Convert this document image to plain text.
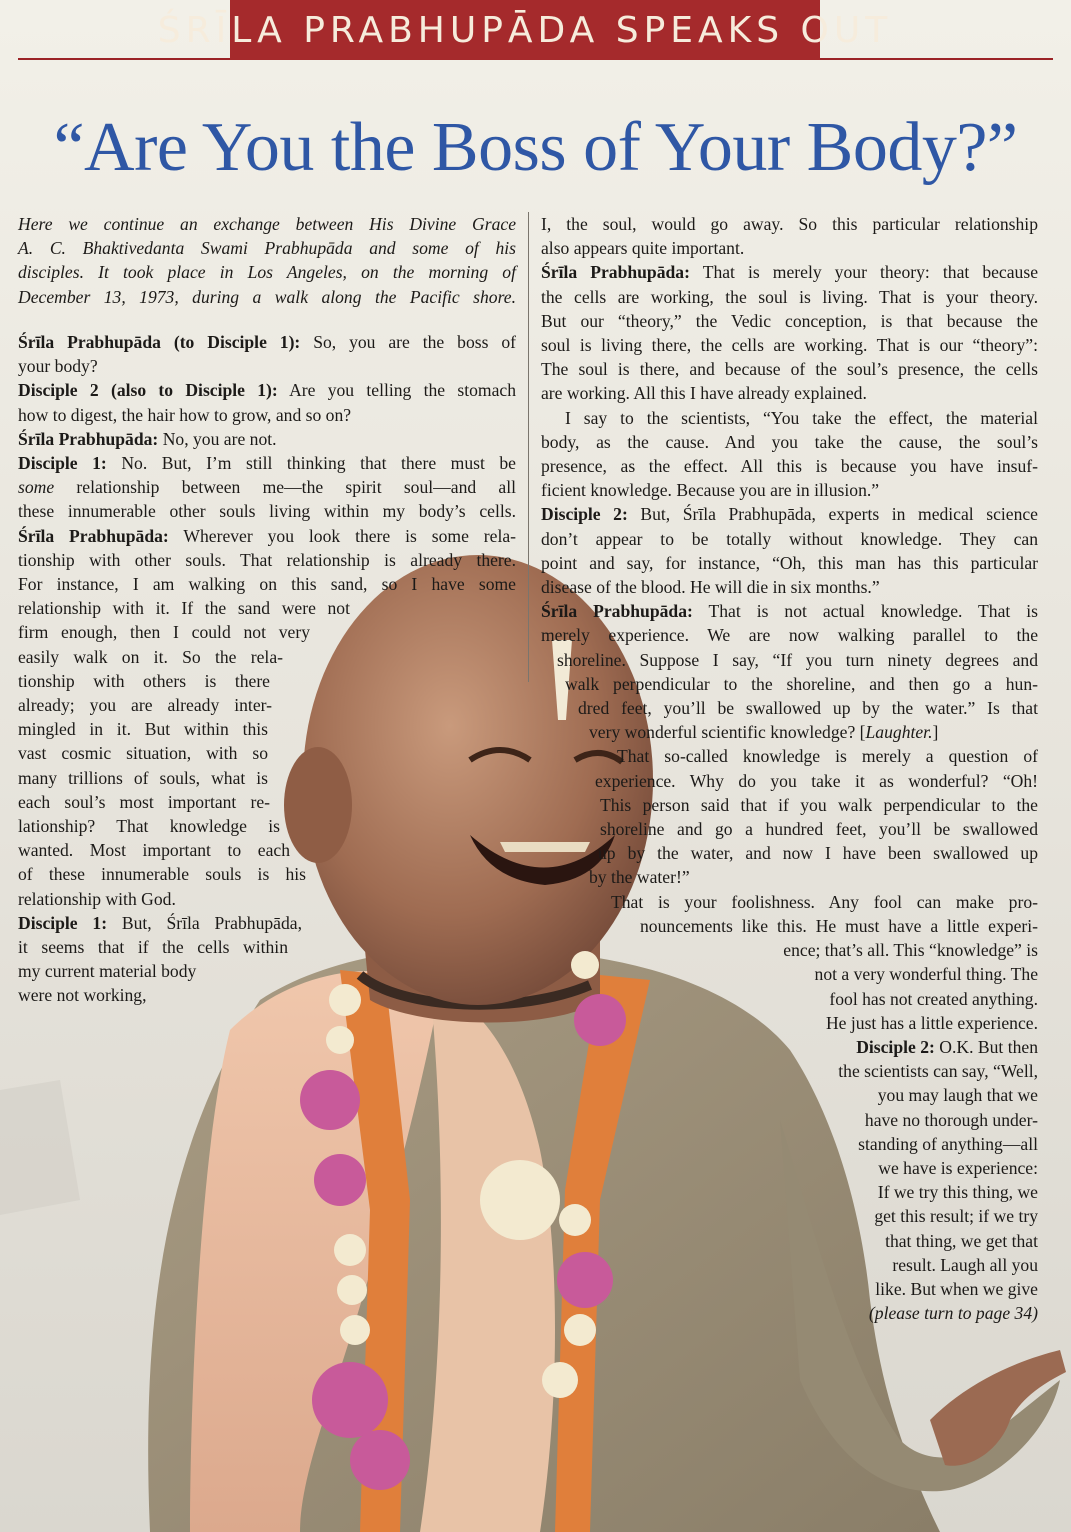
ŚRĪLA PRABHUPĀDA SPEAKS OUT
“Are You the Boss of Your Body?”
Here we continue an exchange between His Divine Grace
A. C. Bhaktivedanta Swami Prabhupāda and some of his
disciples. It took place in Los Angeles, on the morning of
December 13, 1973, during a walk along the Pacific shore.
Śrīla Prabhupāda (to Disciple 1): So, you are the boss of
your body?
Disciple 2 (also to Disciple 1): Are you telling the stomach
how to digest, the hair how to grow, and so on?
Śrīla Prabhupāda: No, you are not.
Disciple 1: No. But, I’m still thinking that there must be
some relationship between me—the spirit soul—and all
these innumerable other souls living within my body’s cells.
Śrīla Prabhupāda: Wherever you look there is some rela-
tionship with other souls. That relationship is already there.
For instance, I am walking on this sand, so I have some
relationship with it. If the sand were not
firm enough, then I could not very
easily walk on it. So the rela-
tionship with others is there
already; you are already inter-
mingled in it. But within this
vast cosmic situation, with so
many trillions of souls, what is
each soul’s most important re-
lationship? That knowledge is
wanted. Most important to each
of these innumerable souls is his
relationship with God.
Disciple 1: But, Śrīla Prabhupāda,
it seems that if the cells within
my current material body
were not working,
I, the soul, would go away. So this particular relationship
also appears quite important.
Śrīla Prabhupāda: That is merely your theory: that because
the cells are working, the soul is living. That is your theory.
But our “theory,” the Vedic conception, is that because the
soul is living there, the cells are working. That is our “theory”:
The soul is there, and because of the soul’s presence, the cells
are working. All this I have already explained.
I say to the scientists, “You take the effect, the material
body, as the cause. And you take the cause, the soul’s
presence, as the effect. All this is because you have insuf-
ficient knowledge. Because you are in illusion.”
Disciple 2: But, Śrīla Prabhupāda, experts in medical science
don’t appear to be totally without knowledge. They can
point and say, for instance, “Oh, this man has this particular
disease of the blood. He will die in six months.”
Śrīla Prabhupāda: That is not actual knowledge. That is
merely experience. We are now walking parallel to the
shoreline. Suppose I say, “If you turn ninety degrees and
walk perpendicular to the shoreline, and then go a hun-
dred feet, you’ll be swallowed up by the water.” Is that
very wonderful scientific knowledge? [Laughter.]
That so-called knowledge is merely a question of
experience. Why do you take it as wonderful? “Oh!
This person said that if you walk perpendicular to the
shoreline and go a hundred feet, you’ll be swallowed
up by the water, and now I have been swallowed up
by the water!”
That is your foolishness. Any fool can make pro-
nouncements like this. He must have a little experi-
ence; that’s all. This “knowledge” is
not a very wonderful thing. The
fool has not created anything.
He just has a little experience.
Disciple 2: O.K. But then
the scientists can say, “Well,
you may laugh that we
have no thorough under-
standing of anything—all
we have is experience:
If we try this thing, we
get this result; if we try
that thing, we get that
result. Laugh all you
like. But when we give
(please turn to page 34)
